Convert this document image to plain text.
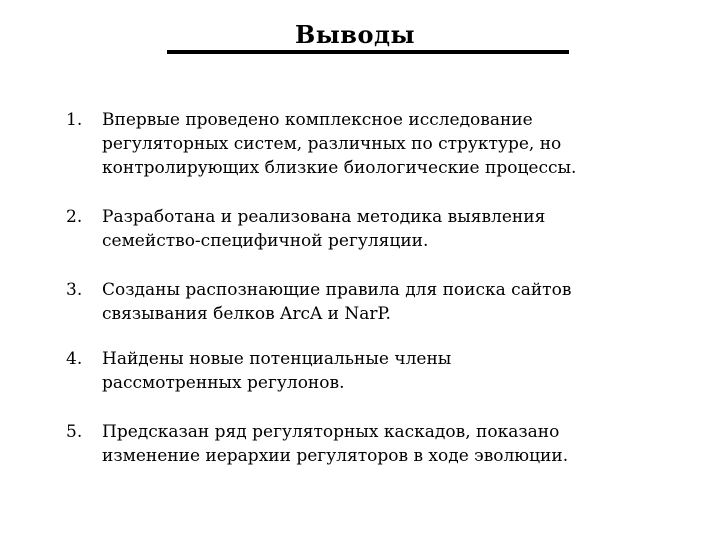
Выводы
1.	Впервые проведено комплексное исследование
регуляторных систем, различных по структуре, но
контролирующих близкие биологические процессы.
2.	Разработана и реализована методика выявления
семейство-специфичной регуляции.
3.	Созданы распознающие правила для поиска сайтов
связывания белков ArcA и NarP.
4.	Найдены новые потенциальные члены
рассмотренных регулонов.
5.	Предсказан ряд регуляторных каскадов, показано
изменение иерархии регуляторов в ходе эволюции.
